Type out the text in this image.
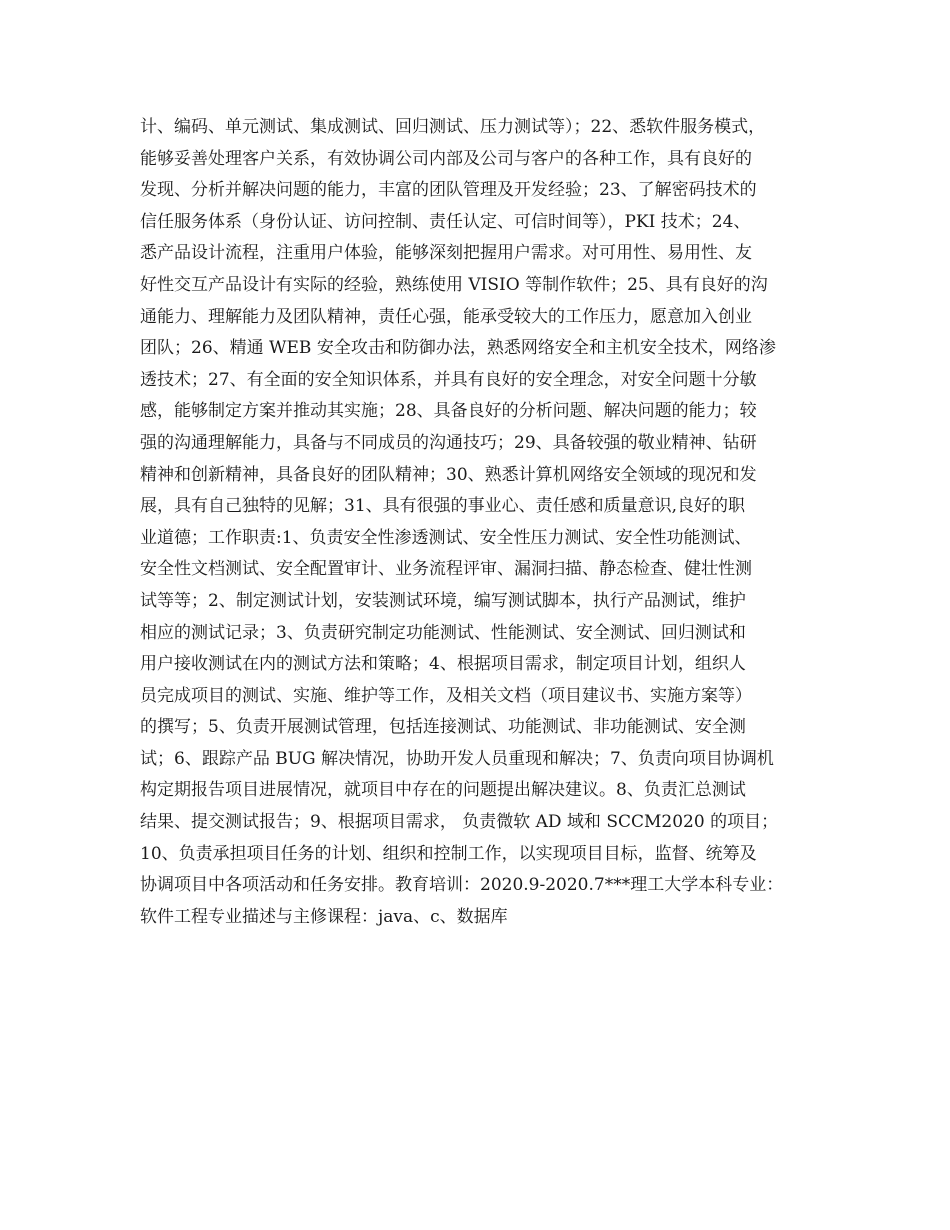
计、编码、单元测试、集成测试、回归测试、压力测试等）；22、悉软件服务模式，
能够妥善处理客户关系，有效协调公司内部及公司与客户的各种工作，具有良好的
发现、分析并解决问题的能力，丰富的团队管理及开发经验；23、了解密码技术的
信任服务体系（身份认证、访问控制、责任认定、可信时间等），PKI 技术；24、
悉产品设计流程，注重用户体验，能够深刻把握用户需求。对可用性、易用性、友
好性交互产品设计有实际的经验，熟练使用 VISIO 等制作软件；25、具有良好的沟
通能力、理解能力及团队精神，责任心强，能承受较大的工作压力，愿意加入创业
团队；26、精通 WEB 安全攻击和防御办法，熟悉网络安全和主机安全技术，网络渗
透技术；27、有全面的安全知识体系，并具有良好的安全理念，对安全问题十分敏
感，能够制定方案并推动其实施；28、具备良好的分析问题、解决问题的能力；较
强的沟通理解能力，具备与不同成员的沟通技巧；29、具备较强的敬业精神、钻研
精神和创新精神，具备良好的团队精神；30、熟悉计算机网络安全领域的现况和发
展，具有自己独特的见解；31、具有很强的事业心、责任感和质量意识,良好的职
业道德；工作职责:1、负责安全性渗透测试、安全性压力测试、安全性功能测试、
安全性文档测试、安全配置审计、业务流程评审、漏洞扫描、静态检查、健壮性测
试等等；2、制定测试计划，安装测试环境，编写测试脚本，执行产品测试，维护
相应的测试记录；3、负责研究制定功能测试、性能测试、安全测试、回归测试和
用户接收测试在内的测试方法和策略；4、根据项目需求，制定项目计划，组织人
员完成项目的测试、实施、维护等工作，及相关文档（项目建议书、实施方案等）
的撰写；5、负责开展测试管理，包括连接测试、功能测试、非功能测试、安全测
试；6、跟踪产品 BUG 解决情况，协助开发人员重现和解决；7、负责向项目协调机
构定期报告项目进展情况，就项目中存在的问题提出解决建议。8、负责汇总测试
结果、提交测试报告；9、根据项目需求， 负责微软 AD 域和 SCCM2020 的项目；
10、负责承担项目任务的计划、组织和控制工作，以实现项目目标，监督、统筹及
协调项目中各项活动和任务安排。教育培训：2020.9-2020.7***理工大学本科专业：
软件工程专业描述与主修课程：java、c、数据库
